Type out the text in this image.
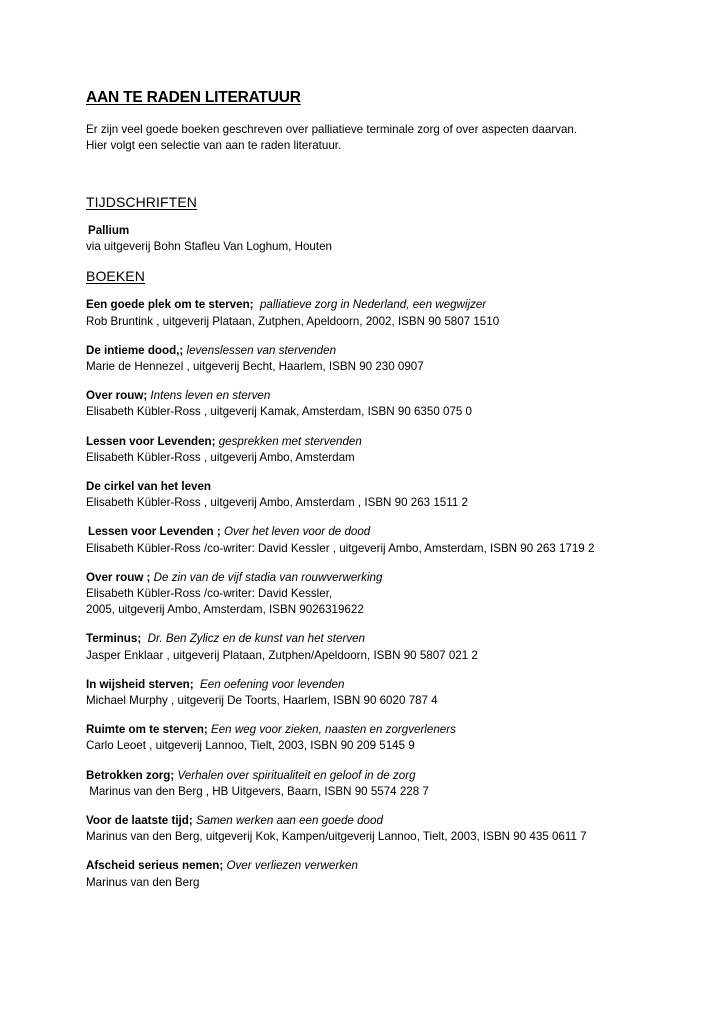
AAN TE RADEN LITERATUUR
Er zijn veel goede boeken geschreven over palliatieve terminale zorg of over aspecten daarvan.
Hier volgt een selectie van aan te raden literatuur.
TIJDSCHRIFTEN
Pallium
via uitgeverij Bohn Stafleu Van Loghum, Houten
BOEKEN
Een goede plek om te sterven;  palliatieve zorg in Nederland, een wegwijzer
Rob Bruntink , uitgeverij Plataan, Zutphen, Apeldoorn, 2002, ISBN 90 5807 1510
De intieme dood,; levenslessen van stervenden
Marie de Hennezel , uitgeverij Becht, Haarlem, ISBN 90 230 0907
Over rouw; Intens leven en sterven
Elisabeth Kübler-Ross , uitgeverij Kamak, Amsterdam, ISBN 90 6350 075 0
Lessen voor Levenden; gesprekken met stervenden
Elisabeth Kübler-Ross , uitgeverij Ambo, Amsterdam
De cirkel van het leven
Elisabeth Kübler-Ross , uitgeverij Ambo, Amsterdam , ISBN 90 263 1511 2
Lessen voor Levenden ; Over het leven voor de dood
Elisabeth Kübler-Ross /co-writer: David Kessler , uitgeverij Ambo, Amsterdam, ISBN 90 263 1719 2
Over rouw ; De zin van de vijf stadia van rouwverwerking
Elisabeth Kübler-Ross /co-writer: David Kessler,
2005, uitgeverij Ambo, Amsterdam, ISBN 9026319622
Terminus;  Dr. Ben Zylicz en de kunst van het sterven
Jasper Enklaar , uitgeverij Plataan, Zutphen/Apeldoorn, ISBN 90 5807 021 2
In wijsheid sterven;  Een oefening voor levenden
Michael Murphy , uitgeverij De Toorts, Haarlem, ISBN 90 6020 787 4
Ruimte om te sterven; Een weg voor zieken, naasten en zorgverleners
Carlo Leoet , uitgeverij Lannoo, Tielt, 2003, ISBN 90 209 5145 9
Betrokken zorg; Verhalen over spiritualiteit en geloof in de zorg
Marinus van den Berg , HB Uitgevers, Baarn, ISBN 90 5574 228 7
Voor de laatste tijd; Samen werken aan een goede dood
Marinus van den Berg, uitgeverij Kok, Kampen/uitgeverij Lannoo, Tielt, 2003, ISBN 90 435 0611 7
Afscheid serieus nemen; Over verliezen verwerken
Marinus van den Berg
